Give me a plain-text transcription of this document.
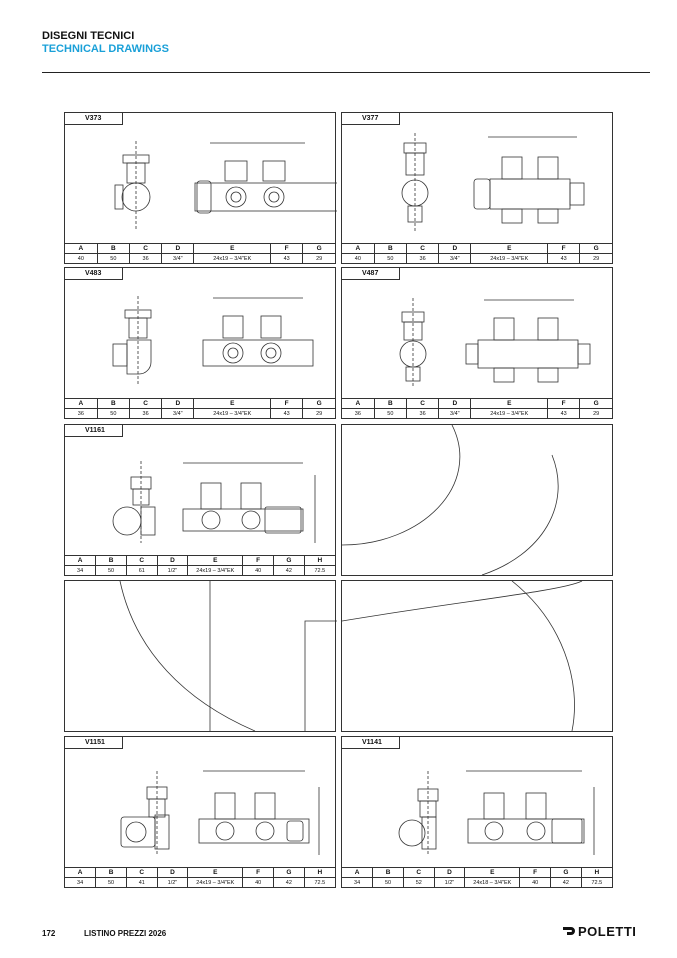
DISEGNI TECNICI
TECHNICAL DRAWINGS
V373
A	B	C	D	E	F	G
40	50	36	3/4"	24x19 – 3/4"EK	43	29
V377
A	B	C	D	E	F	G
40	50	36	3/4"	24x19 – 3/4"EK	43	29
V483
A	B	C	D	E	F	G
36	50	36	3/4"	24x19 – 3/4"EK	43	29
V487
A	B	C	D	E	F	G
36	50	36	3/4"	24x19 – 3/4"EK	43	29
V1161
A	B	C	D	E	F	G	H
34	50	61	1/2"	24x19 – 3/4"EK	40	42	72.5
V1151
A	B	C	D	E	F	G	H
34	50	41	1/2"	24x19 – 3/4"EK	40	42	72.5
V1141
A	B	C	D	E	F	G	H
34	50	52	1/2"	24x18 – 3/4"EK	40	42	72.5
172	LISTINO PREZZI 2026	POLETTI
